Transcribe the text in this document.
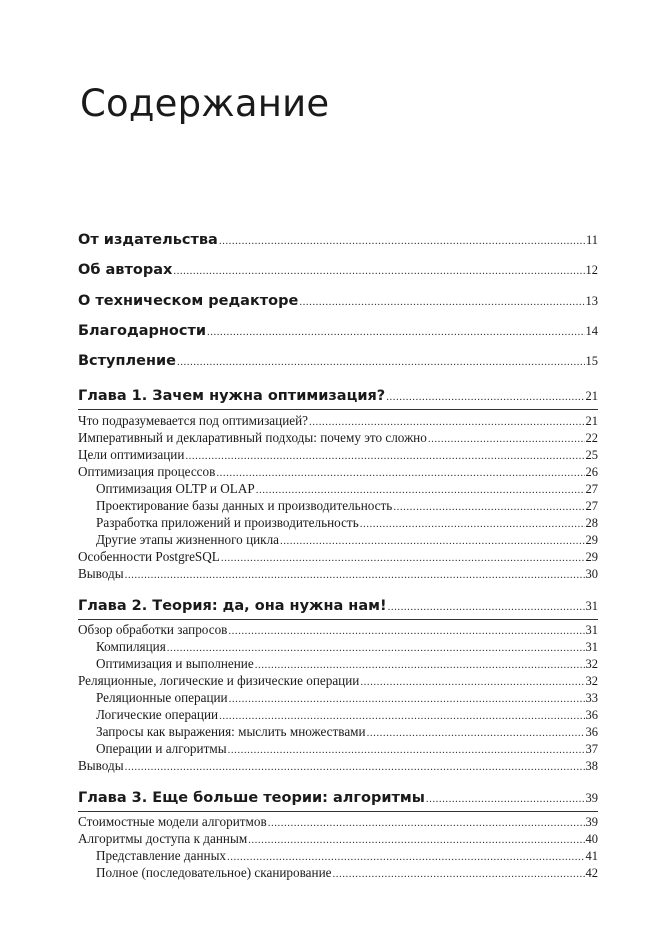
Содержание
От издательства .....	11
Об авторах .....	12
О техническом редакторе .....	13
Благодарности .....	14
Вступление .....	15
Глава 1. Зачем нужна оптимизация? .....	21
Что подразумевается под оптимизацией? .....	21
Императивный и декларативный подходы: почему это сложно .....	22
Цели оптимизации .....	25
Оптимизация процессов .....	26
Оптимизация OLTP и OLAP .....	27
Проектирование базы данных и производительность .....	27
Разработка приложений и производительность .....	28
Другие этапы жизненного цикла .....	29
Особенности PostgreSQL .....	29
Выводы .....	30
Глава 2. Теория: да, она нужна нам! .....	31
Обзор обработки запросов .....	31
Компиляция .....	31
Оптимизация и выполнение .....	32
Реляционные, логические и физические операции .....	32
Реляционные операции .....	33
Логические операции .....	36
Запросы как выражения: мыслить множествами .....	36
Операции и алгоритмы .....	37
Выводы .....	38
Глава 3. Еще больше теории: алгоритмы .....	39
Стоимостные модели алгоритмов .....	39
Алгоритмы доступа к данным .....	40
Представление данных .....	41
Полное (последовательное) сканирование .....	42
